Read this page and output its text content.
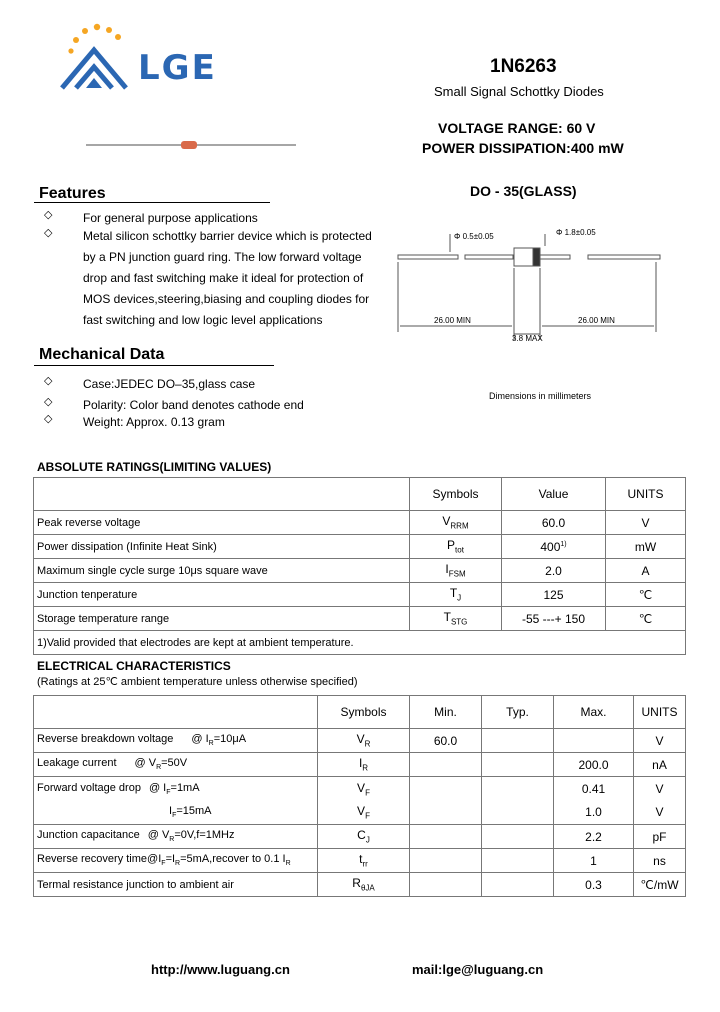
LGE	1N6263
Small Signal Schottky Diodes
VOLTAGE RANGE: 60 V
POWER DISSIPATION:400 mW
Features
◇	For general purpose applications
◇	Metal silicon schottky barrier device which is protected by a PN junction guard ring. The low forward voltage drop and fast switching make it ideal for protection of MOS devices,steering,biasing and coupling diodes for fast switching and low logic level applications
Mechanical Data
◇	Case:JEDEC DO–35,glass case
◇	Polarity: Color band denotes cathode end
◇	Weight: Approx. 0.13 gram
DO - 35(GLASS)
Φ 0.5±0.05	Φ 1.8±0.05
26.00 MIN	26.00 MIN
3.8 MAX
Dimensions in millimeters
ABSOLUTE RATINGS(LIMITING VALUES)
	Symbols	Value	UNITS
Peak reverse voltage	$V_{RRM}$	60.0	V
Power dissipation (Infinite Heat Sink)	$P_{tot}$	400$^{1)}$	mW
Maximum single cycle surge 10μs square wave	$I_{FSM}$	2.0	A
Junction tenperature	$T_J$	125	℃
Storage temperature range	$T_{STG}$	-55 ---+ 150	℃
1)Valid provided that electrodes are kept at ambient temperature.			
ELECTRICAL CHARACTERISTICS
(Ratings at 25℃ ambient temperature unless otherwise specified)
	Symbols	Min.	Typ.	Max.	UNITS
Reverse breakdown voltage @ $I_R=10\mu A$	$V_R$	60.0			V
Leakage current @ $V_R=50V$	$I_R$			200.0	nA
Forward voltage drop @ $I_F=1mA$	$V_F$			0.41	V
$I_F=15mA$	$V_F$			1.0	V
Junction capacitance @ $V_R=0V,f=1MHz$	$C_J$			2.2	pF
Reverse recovery $time@I_F=I_R=5mA,recover$ to 0.1 $I_R$	$t_{rr}$			1	ns
Termal resistance junction to ambient air	$R_{\theta JA}$			0.3	℃/mW
http://www.luguang.cn	mail:lge@luguang.cn
